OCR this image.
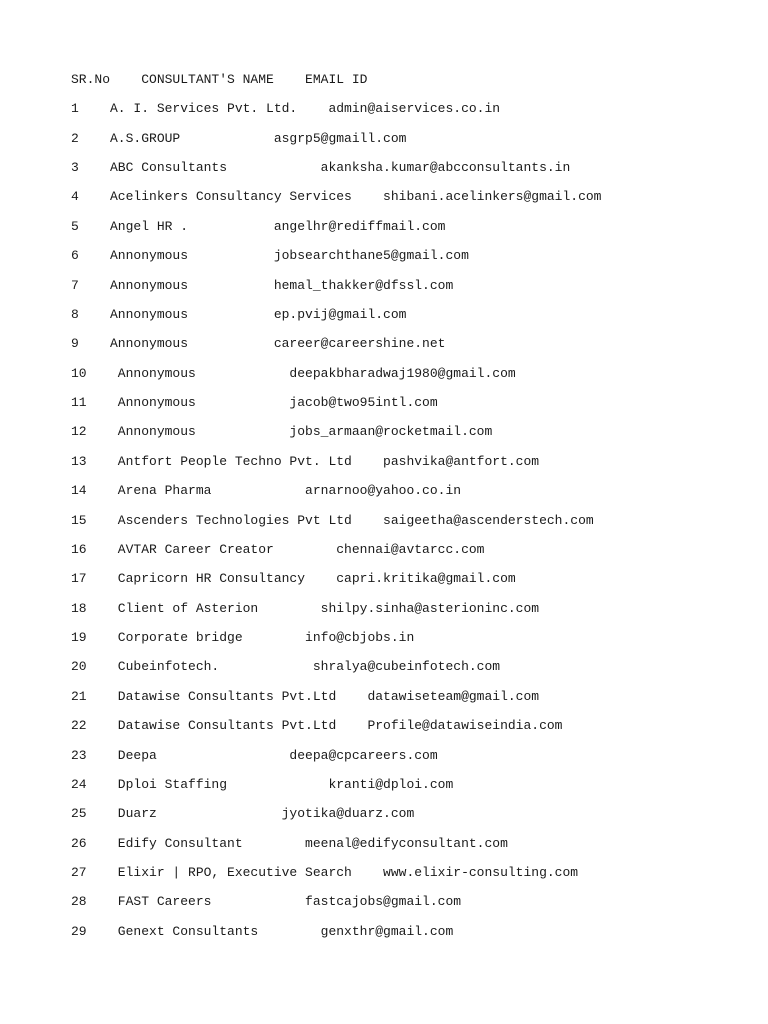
SR.No    CONSULTANT'S NAME    EMAIL ID
1    A. I. Services Pvt. Ltd.    admin@aiservices.co.in
2    A.S.GROUP            asgrp5@gmaill.com
3    ABC Consultants            akanksha.kumar@abcconsultants.in
4    Acelinkers Consultancy Services    shibani.acelinkers@gmail.com
5    Angel HR .           angelhr@rediffmail.com
6    Annonymous           jobsearchthane5@gmail.com
7    Annonymous           hemal_thakker@dfssl.com
8    Annonymous           ep.pvij@gmail.com
9    Annonymous           career@careershine.net
10    Annonymous            deepakbharadwaj1980@gmail.com
11    Annonymous            jacob@two95intl.com
12    Annonymous            jobs_armaan@rocketmail.com
13    Antfort People Techno Pvt. Ltd    pashvika@antfort.com
14    Arena Pharma            arnarnoo@yahoo.co.in
15    Ascenders Technologies Pvt Ltd    saigeetha@ascenderstech.com
16    AVTAR Career Creator        chennai@avtarcc.com
17    Capricorn HR Consultancy    capri.kritika@gmail.com
18    Client of Asterion        shilpy.sinha@asterioninc.com
19    Corporate bridge        info@cbjobs.in
20    Cubeinfotech.            shralya@cubeinfotech.com
21    Datawise Consultants Pvt.Ltd    datawiseteam@gmail.com
22    Datawise Consultants Pvt.Ltd    Profile@datawiseindia.com
23    Deepa                 deepa@cpcareers.com
24    Dploi Staffing             kranti@dploi.com
25    Duarz                jyotika@duarz.com
26    Edify Consultant        meenal@edifyconsultant.com
27    Elixir | RPO, Executive Search    www.elixir-consulting.com
28    FAST Careers            fastcajobs@gmail.com
29    Genext Consultants        genxthr@gmail.com
